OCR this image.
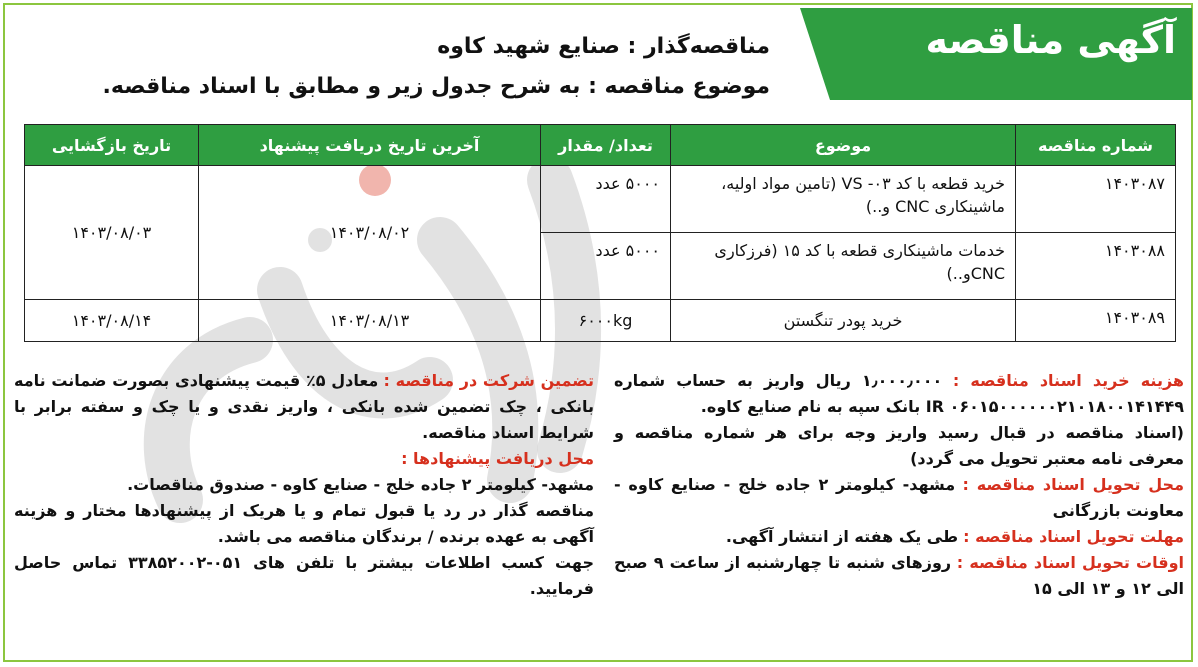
آگهی مناقصه
مناقصه‌گذار : صنایع شهید کاوه
موضوع مناقصه : به شرح جدول زیر و مطابق با اسناد مناقصه.
شماره مناقصه	موضوع	تعداد/ مقدار	آخرین تاریخ دریافت پیشنهاد	تاریخ بازگشایی
۱۴۰۳۰۸۷	خرید قطعه با کد ۰۳- VS (تامین مواد اولیه، ماشینکاری CNC و..)	۵۰۰۰ عدد	۱۴۰۳/۰۸/۰۲	۱۴۰۳/۰۸/۰۳
۱۴۰۳۰۸۸	خدمات ماشینکاری قطعه با کد ۱۵ (فرزکاری CNCو..)	۵۰۰۰ عدد		
۱۴۰۳۰۸۹	خرید پودر تنگستن	۶۰۰۰kg	۱۴۰۳/۰۸/۱۳	۱۴۰۳/۰۸/۱۴

هزینه خرید اسناد مناقصه : ۱٫۰۰۰٫۰۰۰ ریال واریز به حساب شماره ۰۶۰۱۵۰۰۰۰۰۰۲۱۰۱۸۰۰۱۴۱۴۴۹ IR بانک سپه به نام صنایع کاوه.

(اسناد مناقصه در قبال رسید واریز وجه برای هر شماره مناقصه و معرفی نامه معتبر تحویل می گردد)

محل تحویل اسناد مناقصه : مشهد- کیلومتر ۲ جاده خلج - صنایع کاوه - معاونت بازرگانی

مهلت تحویل اسناد مناقصه : طی یک هفته از انتشار آگهی.

اوقات تحویل اسناد مناقصه : روزهای شنبه تا چهارشنبه از ساعت ۹ صبح الی ۱۲ و ۱۳ الی ۱۵

تضمین شرکت در مناقصه : معادل ۵٪ قیمت پیشنهادی بصورت ضمانت نامه بانکی ، چک تضمین شده بانکی ، واریز نقدی و یا چک و سفته برابر با شرایط اسناد مناقصه.

محل دریافت پیشنهادها :

مشهد- کیلومتر ۲ جاده خلج - صنایع کاوه - صندوق مناقصات.

مناقصه گذار در رد یا قبول تمام و یا هریک از پیشنهادها مختار و هزینه آگهی به عهده برنده / برندگان مناقصه می باشد.

جهت کسب اطلاعات بیشتر با تلفن های ۰۵۱-۳۳۸۵۲۰۰۲ تماس حاصل فرمایید.
